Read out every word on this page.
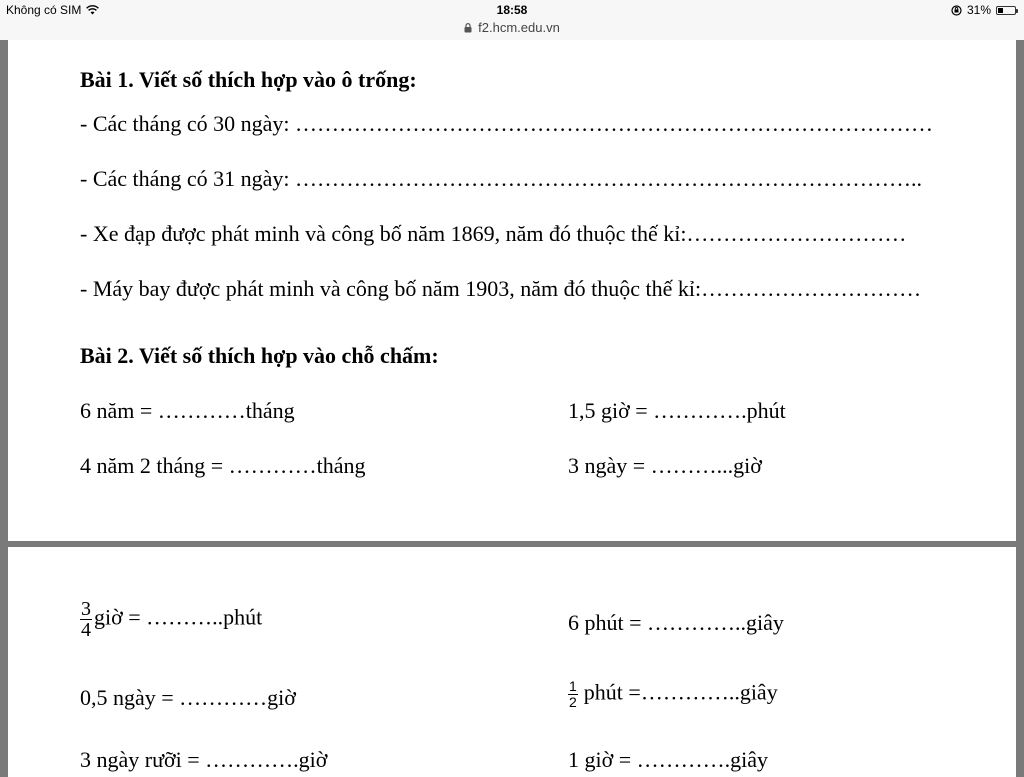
Không có SIM	18:58
f2.hcm.edu.vn
31%
Bài 1. Viết số thích hợp vào ô trống:
- Các tháng có 30 ngày: ……………………………………………………………………………
- Các tháng có 31 ngày: …………………………………………………………………………..
- Xe đạp được phát minh và công bố năm 1869, năm đó thuộc thế kỉ:…………………………
- Máy bay được phát minh và công bố năm 1903, năm đó thuộc thế kỉ:…………………………
Bài 2. Viết số thích hợp vào chỗ chấm:
6 năm = …………tháng	1,5 giờ = ………….phút
4 năm 2 tháng = …………tháng	3 ngày = ………...giờ
$\frac{3}{4}$ giờ = ………..phút	6 phút = …………..giây
0,5 ngày = …………giờ	$\frac{1}{2}$ phút =…………..giây
3 ngày rưỡi = ………….giờ	1 giờ = ………….giây
